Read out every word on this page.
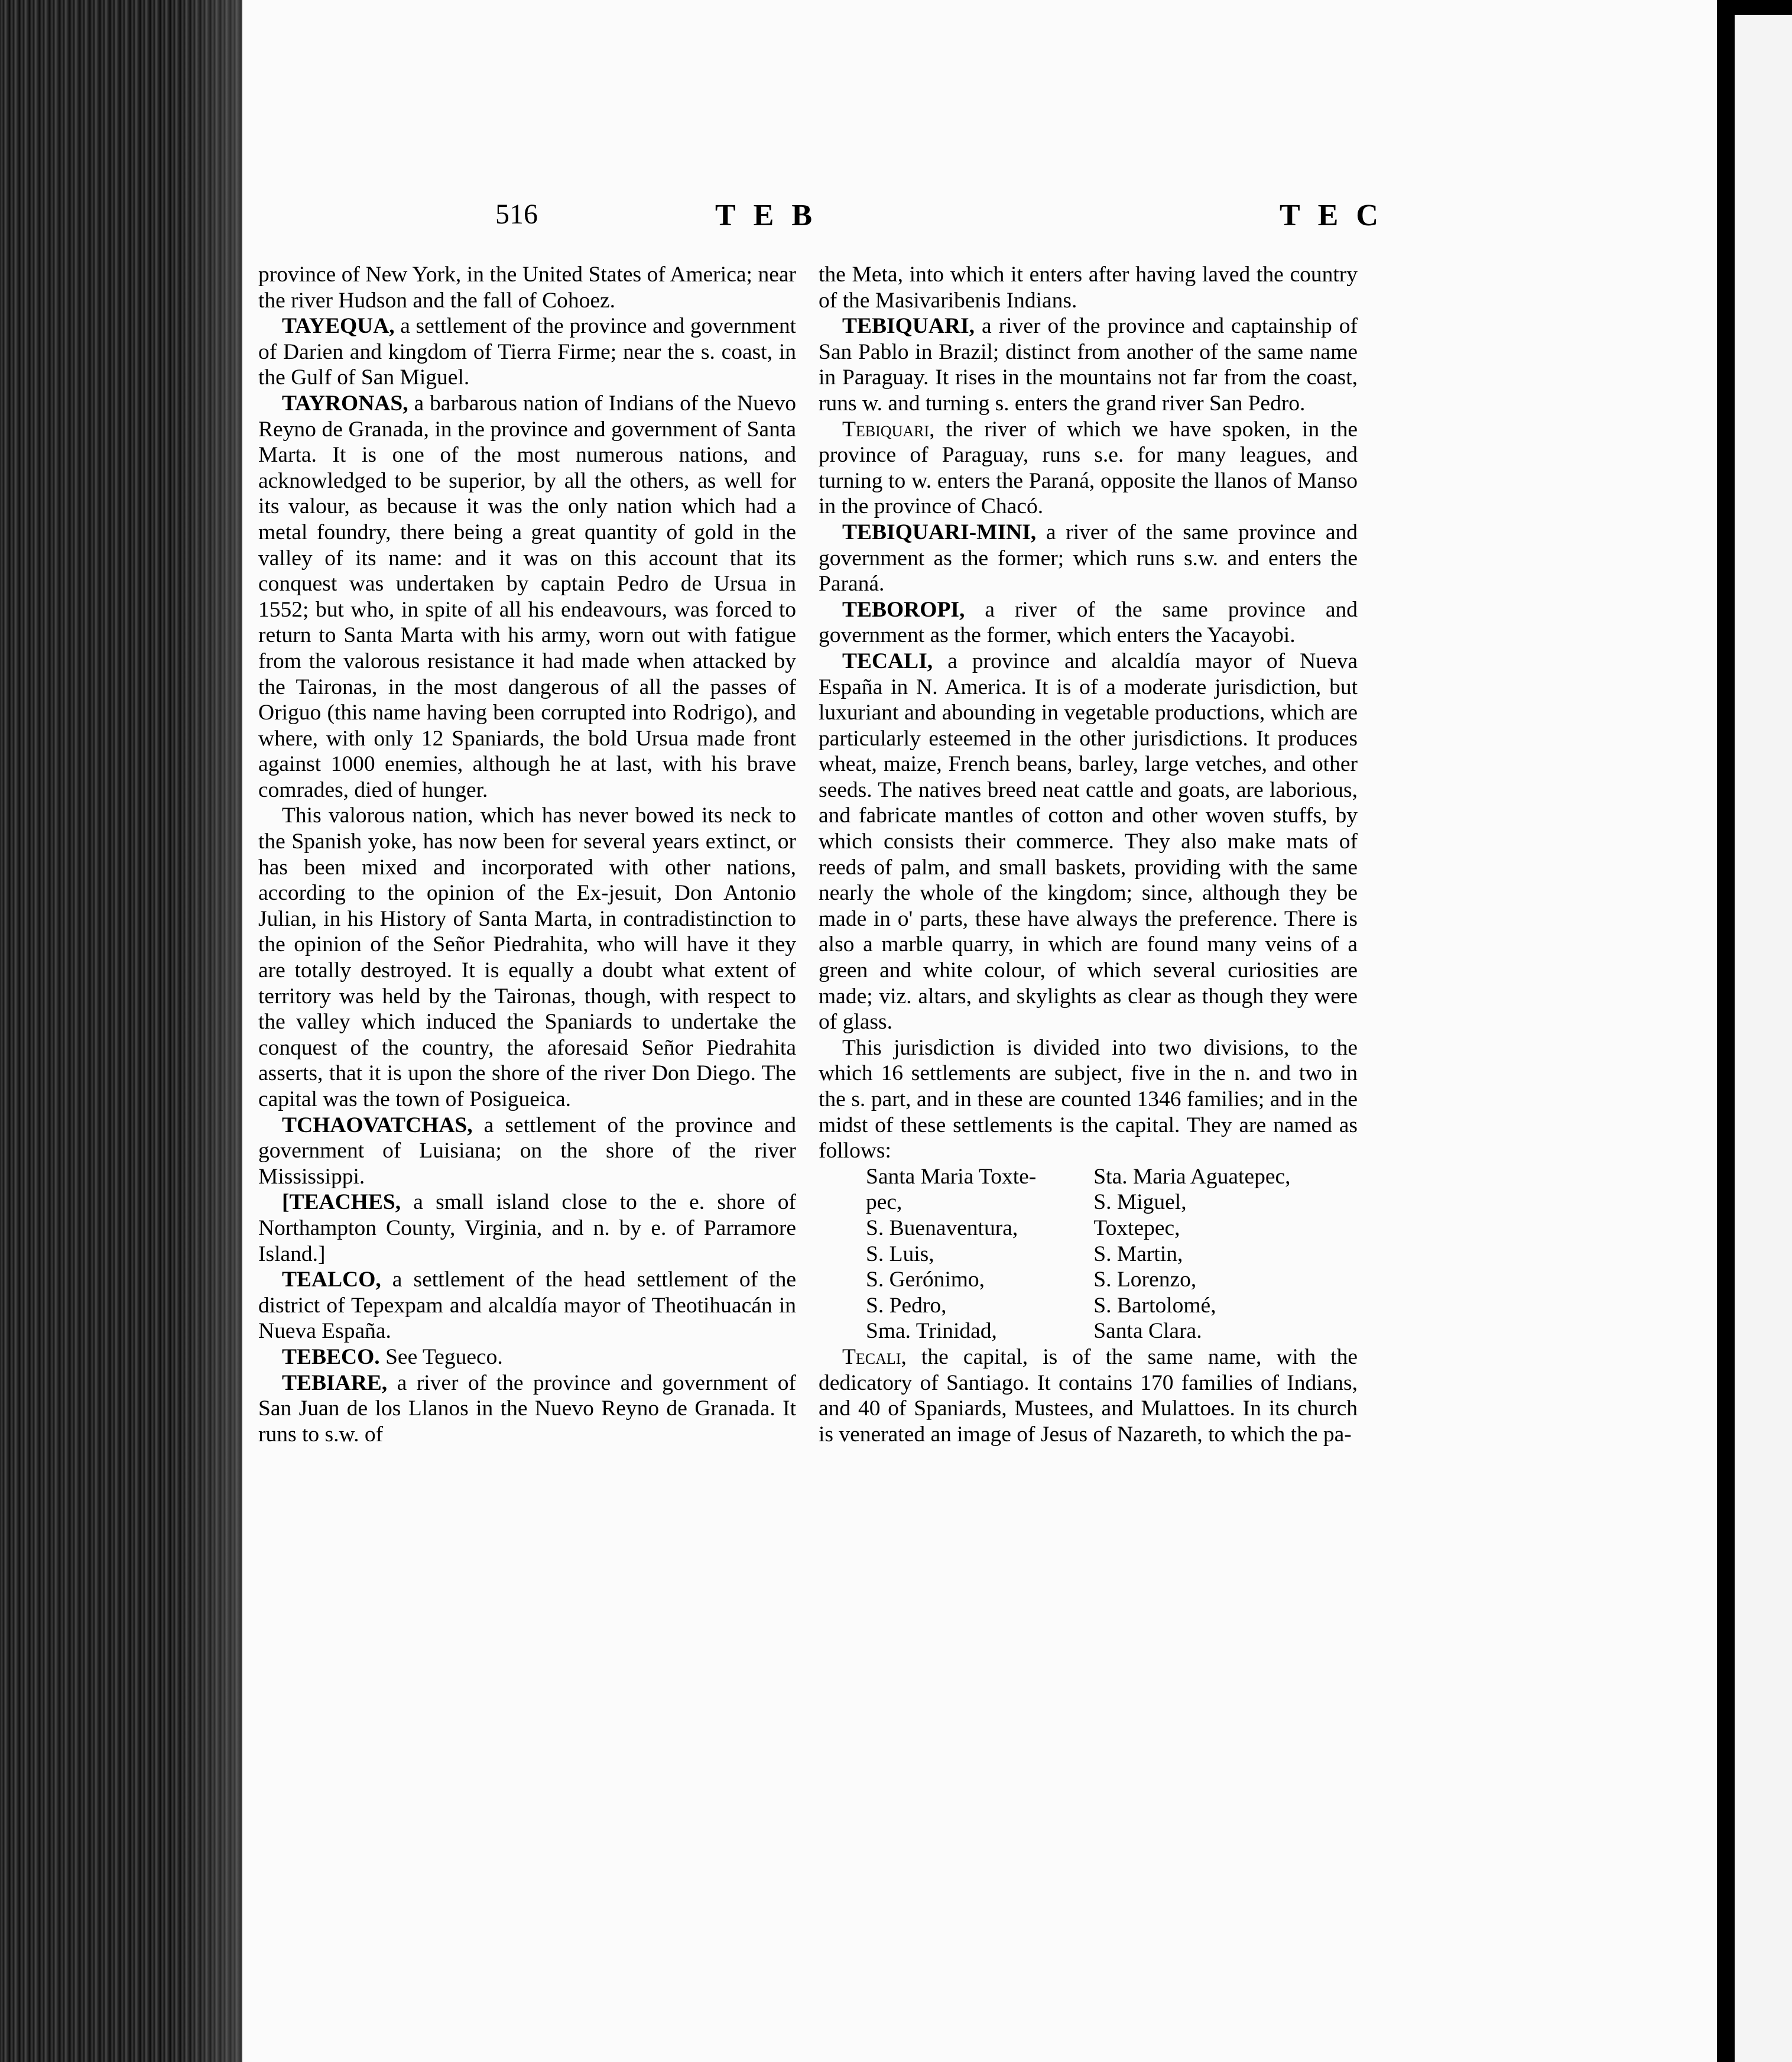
516	TEB	TEC

province of New York, in the United States of America; near the river Hudson and the fall of Cohoez.

TAYEQUA, a settlement of the province and government of Darien and kingdom of Tierra Firme; near the s. coast, in the Gulf of San Miguel.

TAYRONAS, a barbarous nation of Indians of the Nuevo Reyno de Granada, in the province and government of Santa Marta. It is one of the most numerous nations, and acknowledged to be superior, by all the others, as well for its valour, as because it was the only nation which had a metal foundry, there being a great quantity of gold in the valley of its name: and it was on this account that its conquest was undertaken by captain Pedro de Ursua in 1552; but who, in spite of all his endeavours, was forced to return to Santa Marta with his army, worn out with fatigue from the valorous resistance it had made when attacked by the Taironas, in the most dangerous of all the passes of Origuo (this name having been corrupted into Rodrigo), and where, with only 12 Spaniards, the bold Ursua made front against 1000 enemies, although he at last, with his brave comrades, died of hunger.

This valorous nation, which has never bowed its neck to the Spanish yoke, has now been for several years extinct, or has been mixed and incorporated with other nations, according to the opinion of the Ex-jesuit, Don Antonio Julian, in his History of Santa Marta, in contradistinction to the opinion of the Señor Piedrahita, who will have it they are totally destroyed. It is equally a doubt what extent of territory was held by the Taironas, though, with respect to the valley which induced the Spaniards to undertake the conquest of the country, the aforesaid Señor Piedrahita asserts, that it is upon the shore of the river Don Diego. The capital was the town of Posigueica.

TCHAOVATCHAS, a settlement of the province and government of Luisiana; on the shore of the river Mississippi.

[TEACHES, a small island close to the e. shore of Northampton County, Virginia, and n. by e. of Parramore Island.]

TEALCO, a settlement of the head settlement of the district of Tepexpam and alcaldía mayor of Theotihuacán in Nueva España.

TEBECO. See Tegueco.

TEBIARE, a river of the province and government of San Juan de los Llanos in the Nuevo Reyno de Granada. It runs to s.w. of

the Meta, into which it enters after having laved the country of the Masivaribenis Indians.

TEBIQUARI, a river of the province and captainship of San Pablo in Brazil; distinct from another of the same name in Paraguay. It rises in the mountains not far from the coast, runs w. and turning s. enters the grand river San Pedro.

Tebiquari, the river of which we have spoken, in the province of Paraguay, runs s.e. for many leagues, and turning to w. enters the Paraná, opposite the llanos of Manso in the province of Chacó.

TEBIQUARI-MINI, a river of the same province and government as the former; which runs s.w. and enters the Paraná.

TEBOROPI, a river of the same province and government as the former, which enters the Yacayobi.

TECALI, a province and alcaldía mayor of Nueva España in N. America. It is of a moderate jurisdiction, but luxuriant and abounding in vegetable productions, which are particularly esteemed in the other jurisdictions. It produces wheat, maize, French beans, barley, large vetches, and other seeds. The natives breed neat cattle and goats, are laborious, and fabricate mantles of cotton and other woven stuffs, by which consists their commerce. They also make mats of reeds of palm, and small baskets, providing with the same nearly the whole of the kingdom; since, although they be made in o' parts, these have always the preference. There is also a marble quarry, in which are found many veins of a green and white colour, of which several curiosities are made; viz. altars, and skylights as clear as though they were of glass.

This jurisdiction is divided into two divisions, to the which 16 settlements are subject, five in the n. and two in the s. part, and in these are counted 1346 families; and in the midst of these settlements is the capital. They are named as follows:

Santa Maria Toxte-	Sta. Maria Aguatepec,
pec,	S. Miguel,
S. Buenaventura,	Toxtepec,
S. Luis,	S. Martin,
S. Gerónimo,	S. Lorenzo,
S. Pedro,	S. Bartolomé,
Sma. Trinidad,	Santa Clara.

Tecali, the capital, is of the same name, with the dedicatory of Santiago. It contains 170 families of Indians, and 40 of Spaniards, Mustees, and Mulattoes. In its church is venerated an image of Jesus of Nazareth, to which the pa-
